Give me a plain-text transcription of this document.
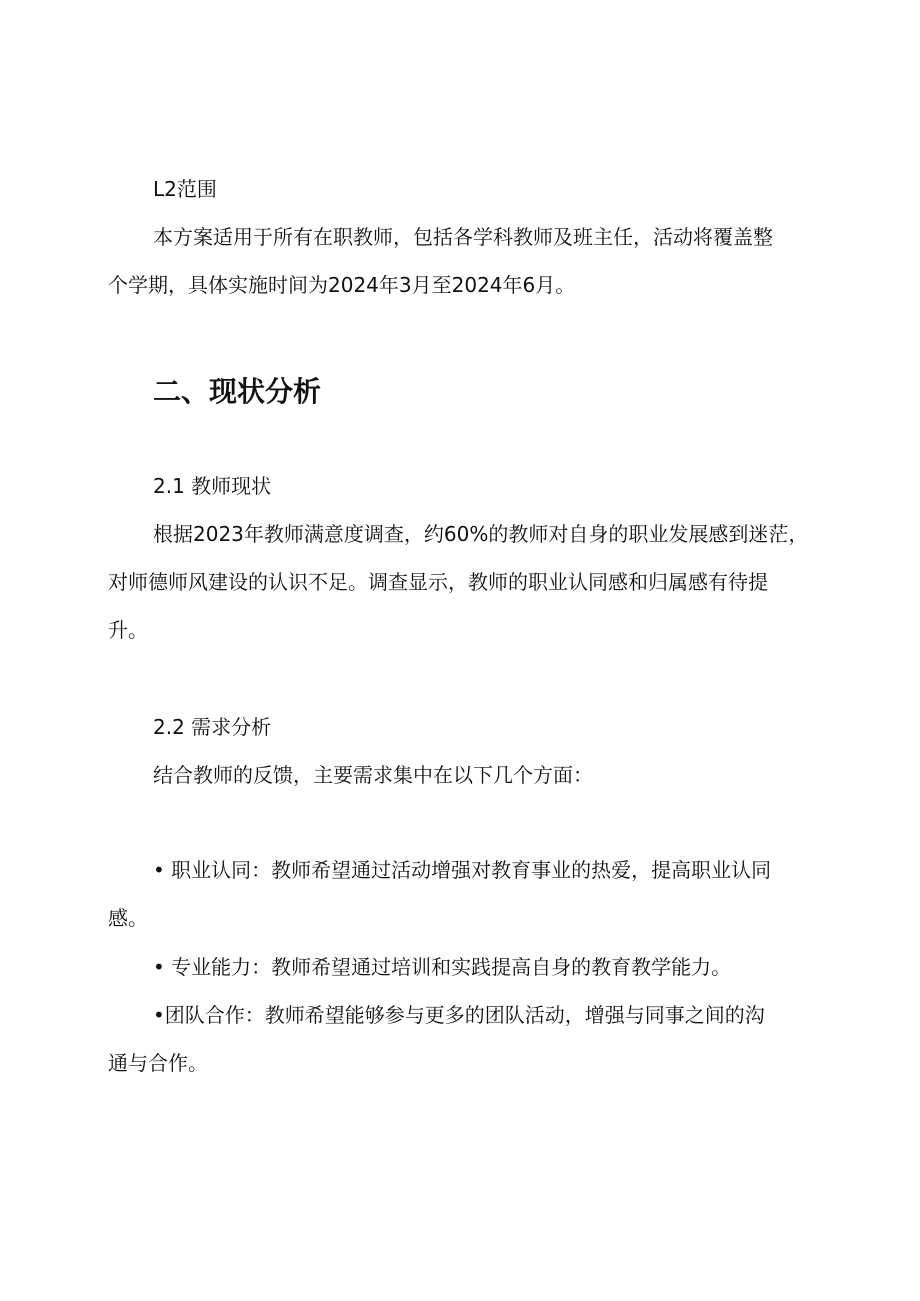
L2范围

本方案适用于所有在职教师，包括各学科教师及班主任，活动将覆盖整

个学期，具体实施时间为2024年3月至2024年6月。

二、现状分析

2.1 教师现状

根据2023年教师满意度调查，约60%的教师对自身的职业发展感到迷茫，

对师德师风建设的认识不足。调查显示，教师的职业认同感和归属感有待提

升。

2.2 需求分析

结合教师的反馈，主要需求集中在以下几个方面：

• 职业认同：教师希望通过活动增强对教育事业的热爱，提高职业认同

感。

• 专业能力：教师希望通过培训和实践提高自身的教育教学能力。

•团队合作：教师希望能够参与更多的团队活动，增强与同事之间的沟

通与合作。
